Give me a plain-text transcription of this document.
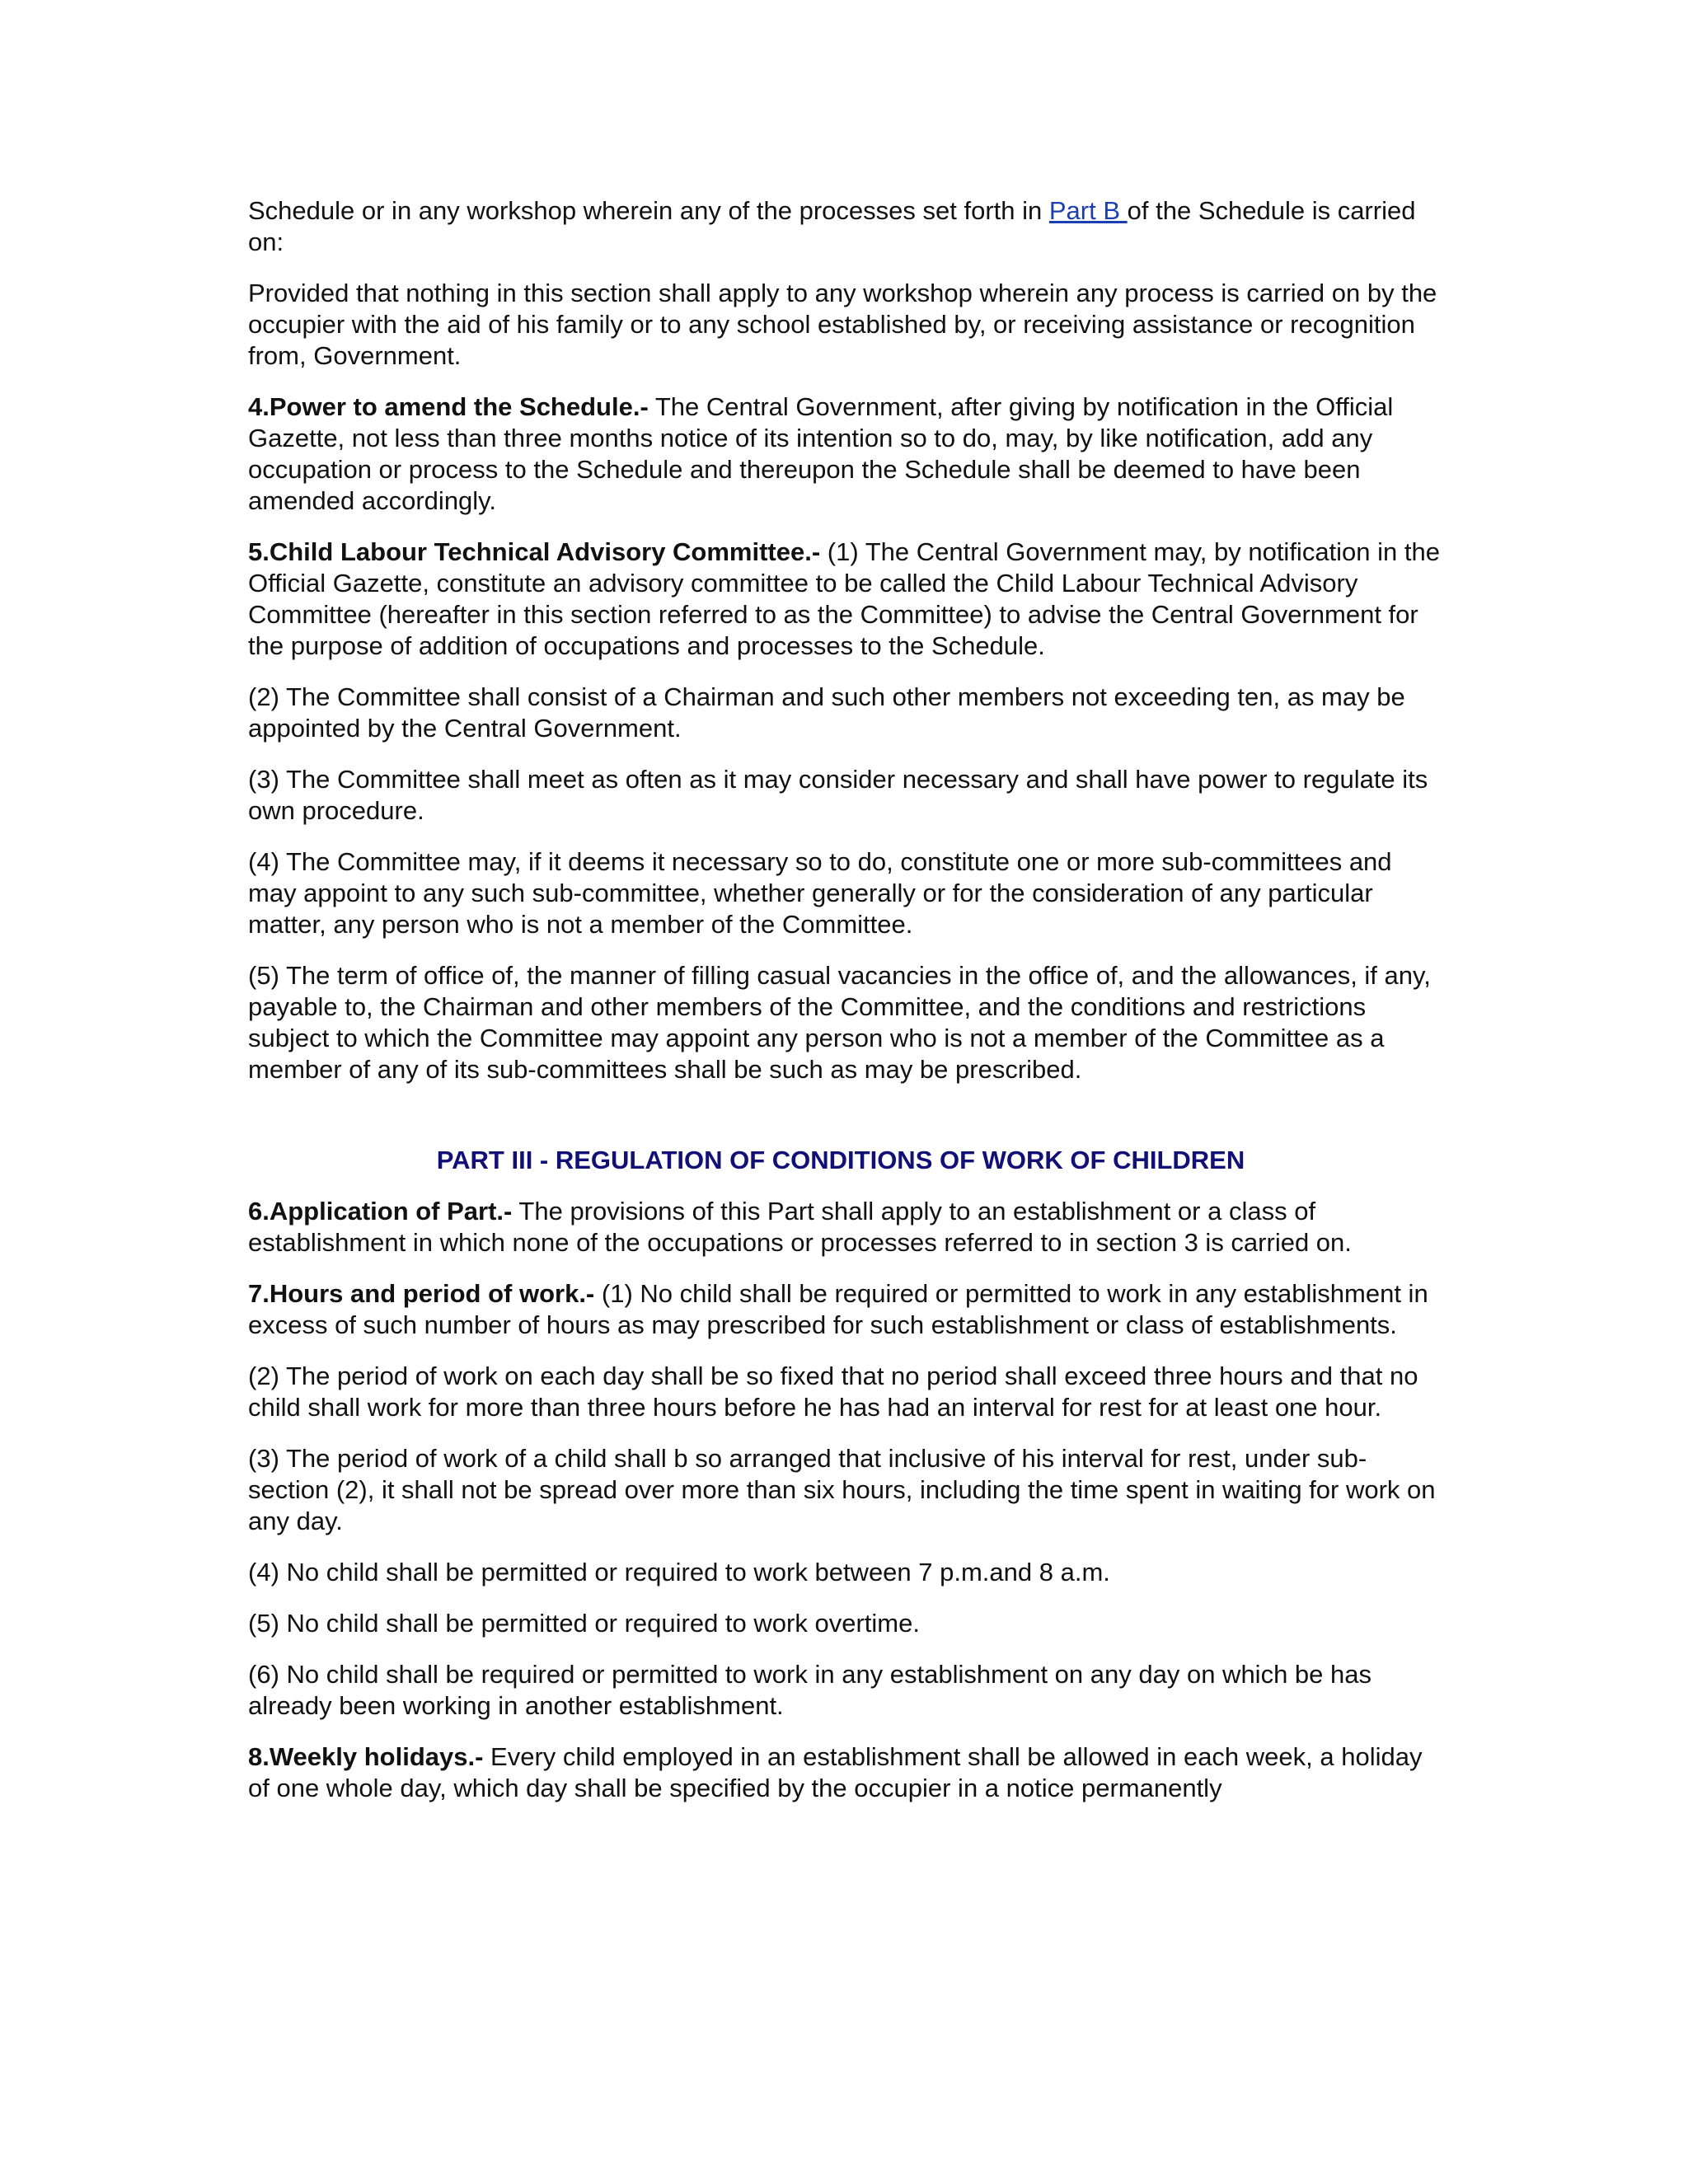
Schedule or in any workshop wherein any of the processes set forth in Part B of the Schedule is carried on:

Provided that nothing in this section shall apply to any workshop wherein any process is carried on by the occupier with the aid of his family or to any school established by, or receiving assistance or recognition from, Government.

4.Power to amend the Schedule.- The Central Government, after giving by notification in the Official Gazette, not less than three months notice of its intention so to do, may, by like notification, add any occupation or process to the Schedule and thereupon the Schedule shall be deemed to have been amended accordingly.

5.Child Labour Technical Advisory Committee.- (1) The Central Government may, by notification in the Official Gazette, constitute an advisory committee to be called the Child Labour Technical Advisory Committee (hereafter in this section referred to as the Committee) to advise the Central Government for the purpose of addition of occupations and processes to the Schedule.

(2) The Committee shall consist of a Chairman and such other members not exceeding ten, as may be appointed by the Central Government.

(3) The Committee shall meet as often as it may consider necessary and shall have power to regulate its own procedure.

(4) The Committee may, if it deems it necessary so to do, constitute one or more sub-committees and may appoint to any such sub-committee, whether generally or for the consideration of any particular matter, any person who is not a member of the Committee.

(5) The term of office of, the manner of filling casual vacancies in the office of, and the allowances, if any, payable to, the Chairman and other members of the Committee, and the conditions and restrictions subject to which the Committee may appoint any person who is not a member of the Committee as a member of any of its sub-committees shall be such as may be prescribed.

PART III - REGULATION OF CONDITIONS OF WORK OF CHILDREN

6.Application of Part.- The provisions of this Part shall apply to an establishment or a class of establishment in which none of the occupations or processes referred to in section 3 is carried on.

7.Hours and period of work.- (1) No child shall be required or permitted to work in any establishment in excess of such number of hours as may prescribed for such establishment or class of establishments.

(2) The period of work on each day shall be so fixed that no period shall exceed three hours and that no child shall work for more than three hours before he has had an interval for rest for at least one hour.

(3) The period of work of a child shall b so arranged that inclusive of his interval for rest, under sub-section (2), it shall not be spread over more than six hours, including the time spent in waiting for work on any day.

(4) No child shall be permitted or required to work between 7 p.m.and 8 a.m.

(5) No child shall be permitted or required to work overtime.

(6) No child shall be required or permitted to work in any establishment on any day on which be has already been working in another establishment.

8.Weekly holidays.- Every child employed in an establishment shall be allowed in each week, a holiday of one whole day, which day shall be specified by the occupier in a notice permanently
